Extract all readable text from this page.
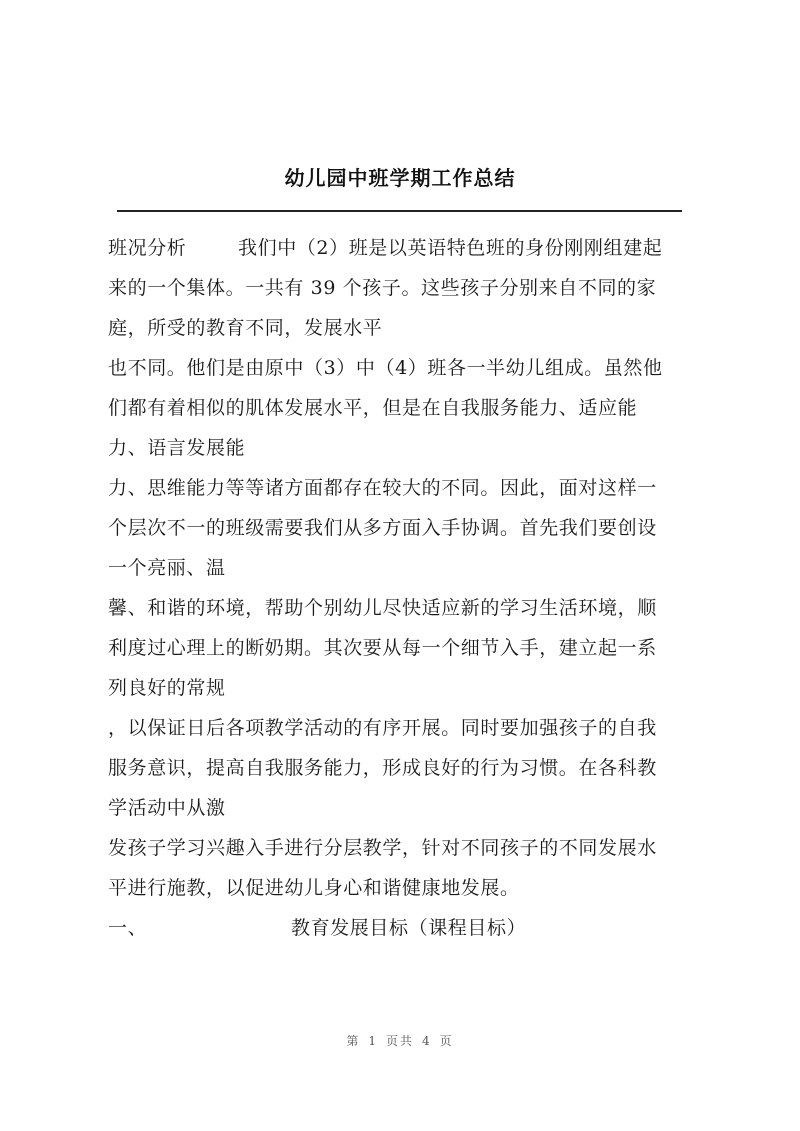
幼儿园中班学期工作总结
班况分析	我们中（2）班是以英语特色班的身份刚刚组建起
来的一个集体。一共有 39 个孩子。这些孩子分别来自不同的家
庭，所受的教育不同，发展水平
也不同。他们是由原中（3）中（4）班各一半幼儿组成。虽然他
们都有着相似的肌体发展水平，但是在自我服务能力、适应能
力、语言发展能
力、思维能力等等诸方面都存在较大的不同。因此，面对这样一
个层次不一的班级需要我们从多方面入手协调。首先我们要创设
一个亮丽、温
馨、和谐的环境，帮助个别幼儿尽快适应新的学习生活环境，顺
利度过心理上的断奶期。其次要从每一个细节入手，建立起一系
列良好的常规
，以保证日后各项教学活动的有序开展。同时要加强孩子的自我
服务意识，提高自我服务能力，形成良好的行为习惯。在各科教
学活动中从激
发孩子学习兴趣入手进行分层教学，针对不同孩子的不同发展水
平进行施教，以促进幼儿身心和谐健康地发展。
一、	教育发展目标（课程目标）
第 1 页共 4 页
